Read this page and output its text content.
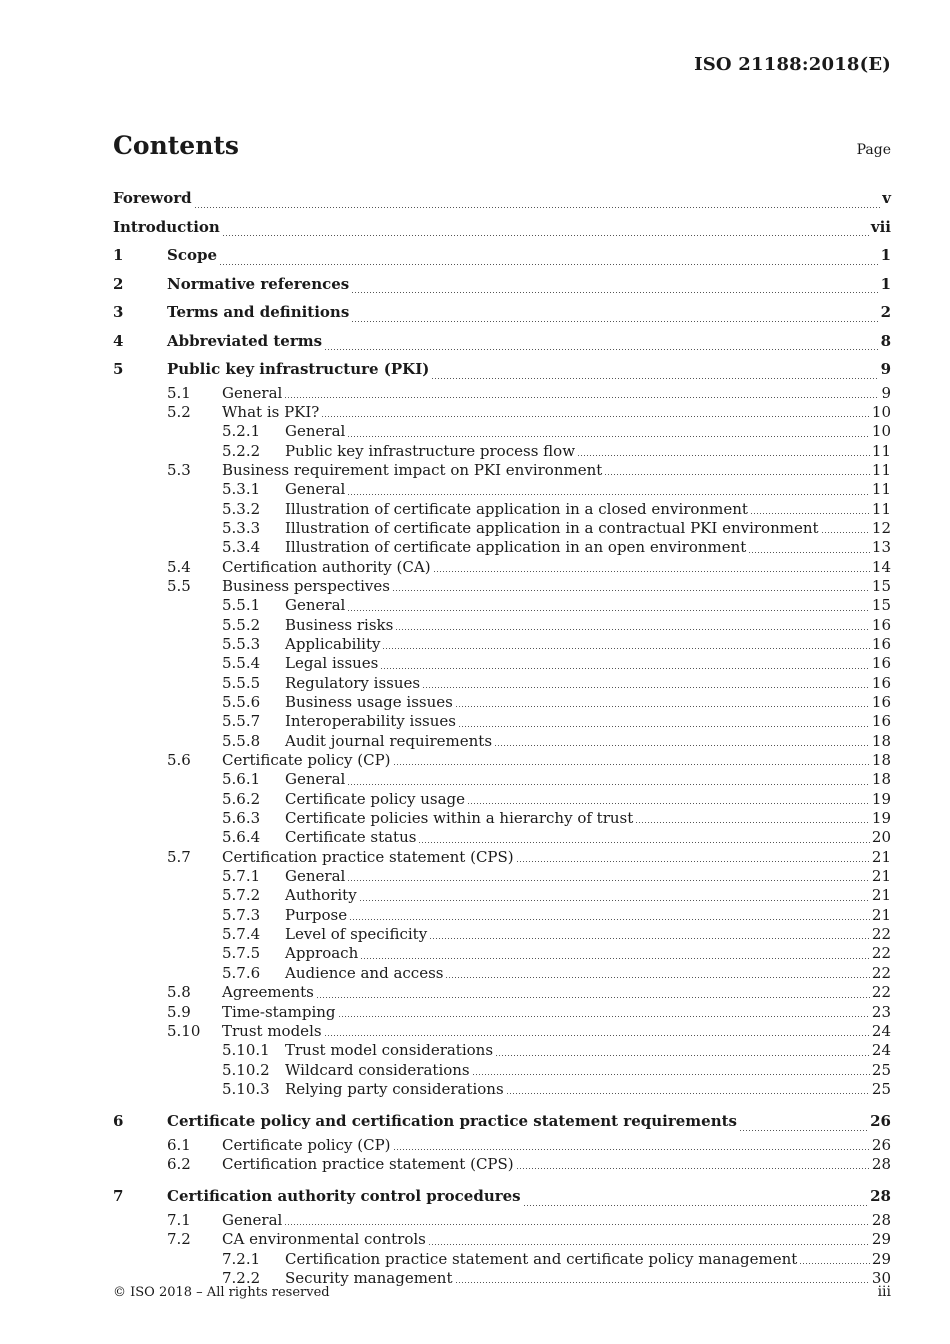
ISO 21188:2018(E)
Contents	Page
Foreword	v
Introduction	vii
1	Scope	1
2	Normative references	1
3	Terms and definitions	2
4	Abbreviated terms	8
5	Public key infrastructure (PKI)	9
5.1	General	9
5.2	What is PKI?	10
5.2.1	General	10
5.2.2	Public key infrastructure process flow	11
5.3	Business requirement impact on PKI environment	11
5.3.1	General	11
5.3.2	Illustration of certificate application in a closed environment	11
5.3.3	Illustration of certificate application in a contractual PKI environment	12
5.3.4	Illustration of certificate application in an open environment	13
5.4	Certification authority (CA)	14
5.5	Business perspectives	15
5.5.1	General	15
5.5.2	Business risks	16
5.5.3	Applicability	16
5.5.4	Legal issues	16
5.5.5	Regulatory issues	16
5.5.6	Business usage issues	16
5.5.7	Interoperability issues	16
5.5.8	Audit journal requirements	18
5.6	Certificate policy (CP)	18
5.6.1	General	18
5.6.2	Certificate policy usage	19
5.6.3	Certificate policies within a hierarchy of trust	19
5.6.4	Certificate status	20
5.7	Certification practice statement (CPS)	21
5.7.1	General	21
5.7.2	Authority	21
5.7.3	Purpose	21
5.7.4	Level of specificity	22
5.7.5	Approach	22
5.7.6	Audience and access	22
5.8	Agreements	22
5.9	Time-stamping	23
5.10	Trust models	24
5.10.1	Trust model considerations	24
5.10.2	Wildcard considerations	25
5.10.3	Relying party considerations	25
6	Certificate policy and certification practice statement requirements	26
6.1	Certificate policy (CP)	26
6.2	Certification practice statement (CPS)	28
7	Certification authority control procedures	28
7.1	General	28
7.2	CA environmental controls	29
7.2.1	Certification practice statement and certificate policy management	29
7.2.2	Security management	30
© ISO 2018 – All rights reserved	iii
